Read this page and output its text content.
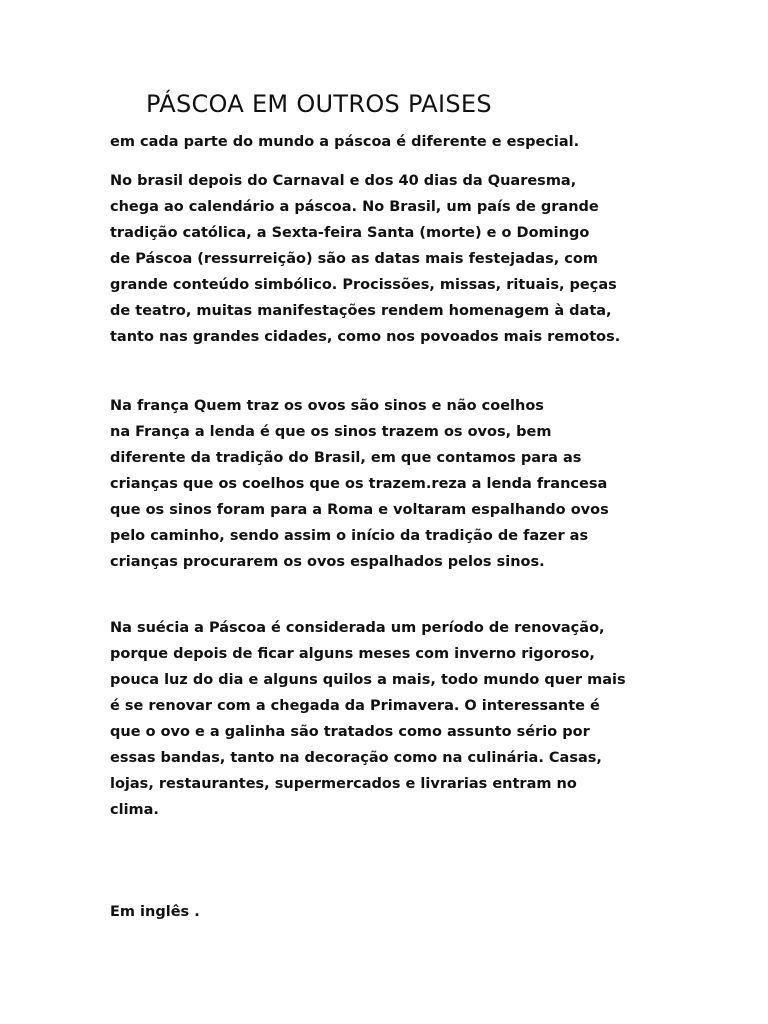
PÁSCOA EM OUTROS PAISES

em cada parte do mundo a páscoa é diferente e especial.

No brasil depois do Carnaval e dos 40 dias da Quaresma,
chega ao calendário a páscoa. No Brasil, um país de grande
tradição católica, a Sexta-feira Santa (morte) e o Domingo
de Páscoa (ressurreição) são as datas mais festejadas, com
grande conteúdo simbólico. Procissões, missas, rituais, peças
de teatro, muitas manifestações rendem homenagem à data,
tanto nas grandes cidades, como nos povoados mais remotos.

Na frança Quem traz os ovos são sinos e não coelhos
na França a lenda é que os sinos trazem os ovos, bem
diferente da tradição do Brasil, em que contamos para as
crianças que os coelhos que os trazem.reza a lenda francesa
que os sinos foram para a Roma e voltaram espalhando ovos
pelo caminho, sendo assim o início da tradição de fazer as
crianças procurarem os ovos espalhados pelos sinos.

Na suécia a Páscoa é considerada um período de renovação,
porque depois de ficar alguns meses com inverno rigoroso,
pouca luz do dia e alguns quilos a mais, todo mundo quer mais
é se renovar com a chegada da Primavera. O interessante é
que o ovo e a galinha são tratados como assunto sério por
essas bandas, tanto na decoração como na culinária. Casas,
lojas, restaurantes, supermercados e livrarias entram no
clima.

Em inglês .
